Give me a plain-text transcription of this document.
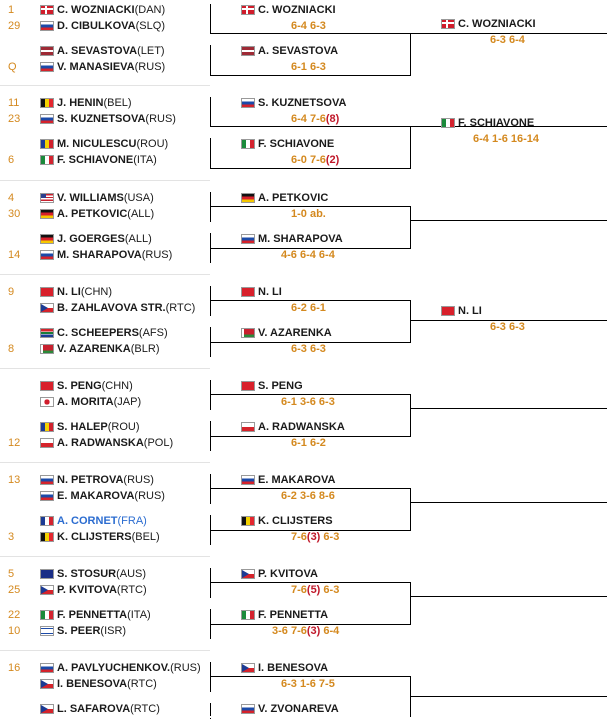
1	C. WOZNIACKI(DAN)
29	D. CIBULKOVA(SLQ)
A. SEVASTOVA(LET)
Q	V. MANASIEVA(RUS)
11	J. HENIN(BEL)
23	S. KUZNETSOVA(RUS)
M. NICULESCU(ROU)
6	F. SCHIAVONE(ITA)
4	V. WILLIAMS(USA)
30	A. PETKOVIC(ALL)
J. GOERGES(ALL)
14	M. SHARAPOVA(RUS)
9	N. LI(CHN)
B. ZAHLAVOVA STR.(RTC)
C. SCHEEPERS(AFS)
8	V. AZARENKA(BLR)
S. PENG(CHN)
A. MORITA(JAP)
S. HALEP(ROU)
12	A. RADWANSKA(POL)
13	N. PETROVA(RUS)
E. MAKAROVA(RUS)
A. CORNET(FRA)
3	K. CLIJSTERS(BEL)
5	S. STOSUR(AUS)
25	P. KVITOVA(RTC)
22	F. PENNETTA(ITA)
10	S. PEER(ISR)
16	A. PAVLYUCHENKOV.(RUS)
I. BENESOVA(RTC)
L. SAFAROVA(RTC)
C. WOZNIACKI
6-4 6-3
A. SEVASTOVA
6-1 6-3
S. KUZNETSOVA
6-4 7-6(8)
F. SCHIAVONE
6-0 7-6(2)
A. PETKOVIC
1-0 ab.
M. SHARAPOVA
4-6 6-4 6-4
N. LI
6-2 6-1
V. AZARENKA
6-3 6-3
S. PENG
6-1 3-6 6-3
A. RADWANSKA
6-1 6-2
E. MAKAROVA
6-2 3-6 8-6
K. CLIJSTERS
7-6(3) 6-3
P. KVITOVA
7-6(5) 6-3
F. PENNETTA
3-6 7-6(3) 6-4
I. BENESOVA
6-3 1-6 7-5
V. ZVONAREVA
C. WOZNIACKI
6-3 6-4
F. SCHIAVONE
6-4 1-6 16-14
N. LI
6-3 6-3
